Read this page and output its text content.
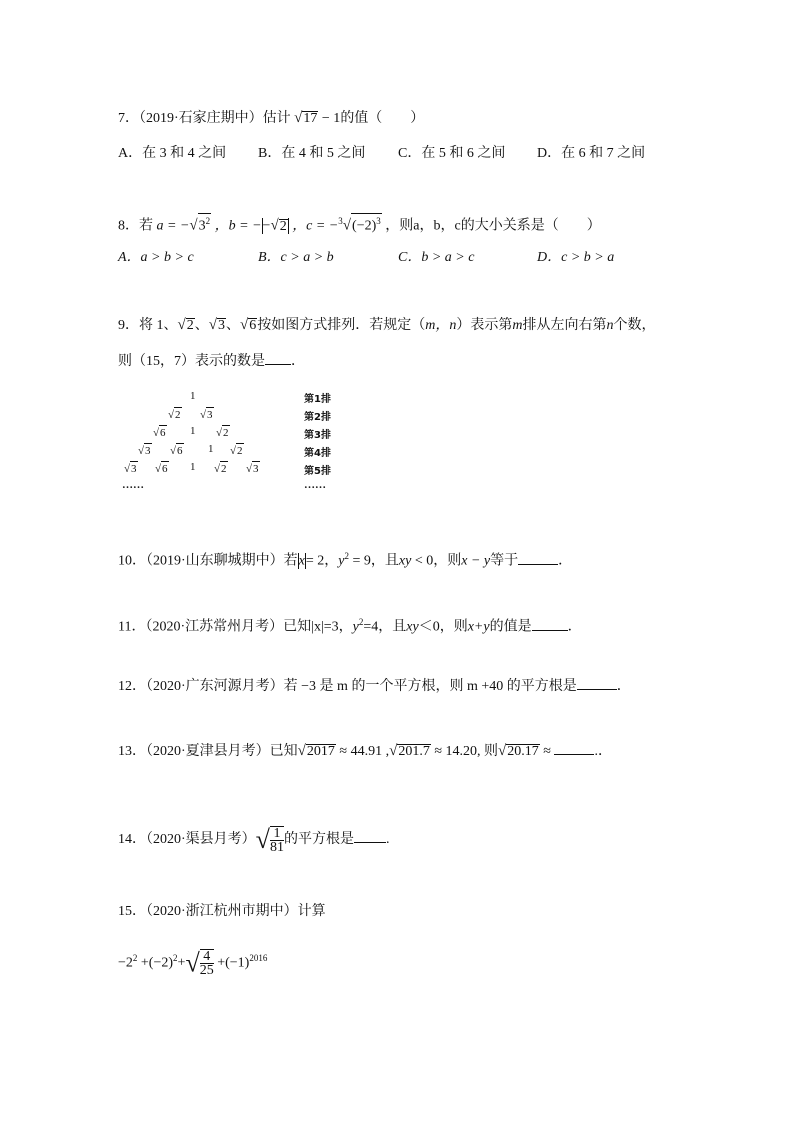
7．（2019·石家庄期中）估计 √17 − 1的值（　　）
A．在 3 和 4 之间 B．在 4 和 5 之间 C．在 5 和 6 之间 D．在 6 和 7 之间
8．若 $a = -√3^2$ ，b = −−√2 ，$c = -^3√(-2)^3$ ，则a，b，c的大小关系是（　　）
A．a > b > c	B．c > a > b	C．b > a > c	D．c > b > a
9．将 1、√2、√3、√6按如图方式排列．若规定（m，n）表示第m排从左向右第n个数，
则（15，7）表示的数是 ．
1
√2 √3
√6 1 √2
√3 √6 1 √2
√3 √6 1 √2 √3
……
第1排
第2排
第3排
第4排
第5排
……
10．（2019·山东聊城期中）若x= 2，$y^2 = 9$，且xy < 0，则x − y等于	．
11．（2020·江苏常州月考）已知|x|=3，$y^2=4$，且xy＜0，则x+y的值是	．
12．（2020·广东河源月考）若 −3 是 m 的一个平方根，则 m +40 的平方根是	．
13．（2020·夏津县月考）已知√2017 ≈ 44.91 ,√201.7 ≈ 14.20, 则√20.17 ≈	.．
14．（2020·渠县月考）√ $\frac{1}{81}$ 的平方根是 .
15．（2020·浙江杭州市期中）计算
$-2^2 +(-2)^2+√ \frac{4}{25} +(-1)^{2016}$
